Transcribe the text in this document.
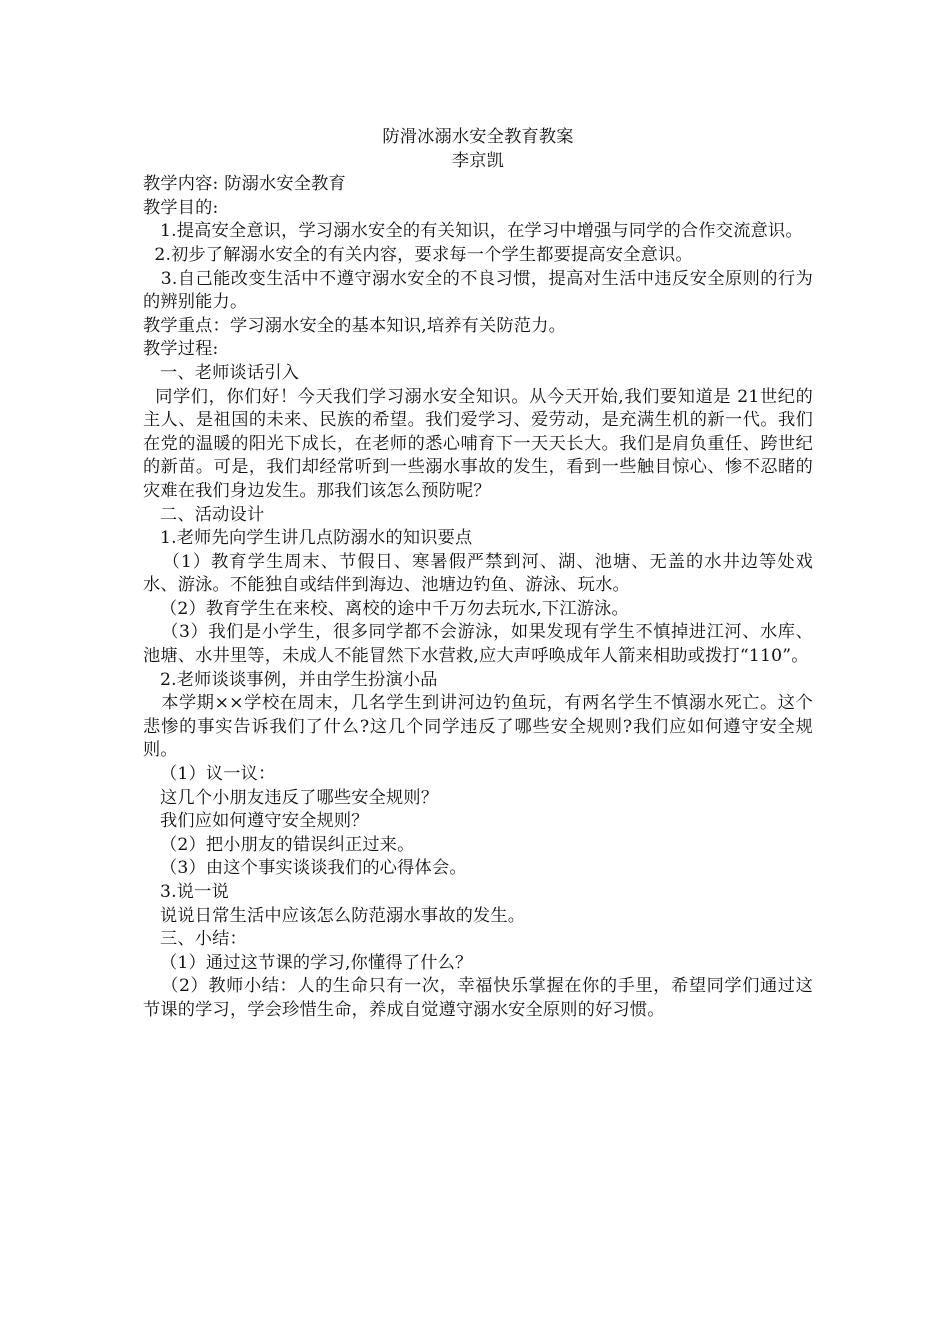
防滑冰溺水安全教育教案
李京凯
教学内容: 防溺水安全教育
教学目的:
1.提高安全意识，学习溺水安全的有关知识，在学习中增强与同学的合作交流意识。
2.初步了解溺水安全的有关内容，要求每一个学生都要提高安全意识。
3.自己能改变生活中不遵守溺水安全的不良习惯，提高对生活中违反安全原则的行为的辨别能力。
教学重点：学习溺水安全的基本知识,培养有关防范力。
教学过程:
一、老师谈话引入
同学们，你们好！今天我们学习溺水安全知识。从今天开始,我们要知道是 21世纪的主人、是祖国的未来、民族的希望。我们爱学习、爱劳动，是充满生机的新一代。我们在党的温暖的阳光下成长，在老师的悉心哺育下一天天长大。我们是肩负重任、跨世纪的新苗。可是，我们却经常听到一些溺水事故的发生，看到一些触目惊心、惨不忍睹的灾难在我们身边发生。那我们该怎么预防呢？
二、活动设计
1.老师先向学生讲几点防溺水的知识要点
（1）教育学生周末、节假日、寒暑假严禁到河、湖、池塘、无盖的水井边等处戏水、游泳。不能独自或结伴到海边、池塘边钓鱼、游泳、玩水。
（2）教育学生在来校、离校的途中千万勿去玩水,下江游泳。
（3）我们是小学生，很多同学都不会游泳，如果发现有学生不慎掉进江河、水库、池塘、水井里等，未成人不能冒然下水营救,应大声呼唤成年人箭来相助或拨打“110”。
2.老师谈谈事例，并由学生扮演小品
本学期××学校在周末，几名学生到讲河边钓鱼玩，有两名学生不慎溺水死亡。这个悲惨的事实告诉我们了什么?这几个同学违反了哪些安全规则?我们应如何遵守安全规则。
（1）议一议：
这几个小朋友违反了哪些安全规则？
我们应如何遵守安全规则？
（2）把小朋友的错误纠正过来。
（3）由这个事实谈谈我们的心得体会。
3.说一说
说说日常生活中应该怎么防范溺水事故的发生。
三、小结：
（1）通过这节课的学习,你懂得了什么？
（2）教师小结：人的生命只有一次，幸福快乐掌握在你的手里，希望同学们通过这节课的学习，学会珍惜生命，养成自觉遵守溺水安全原则的好习惯。
